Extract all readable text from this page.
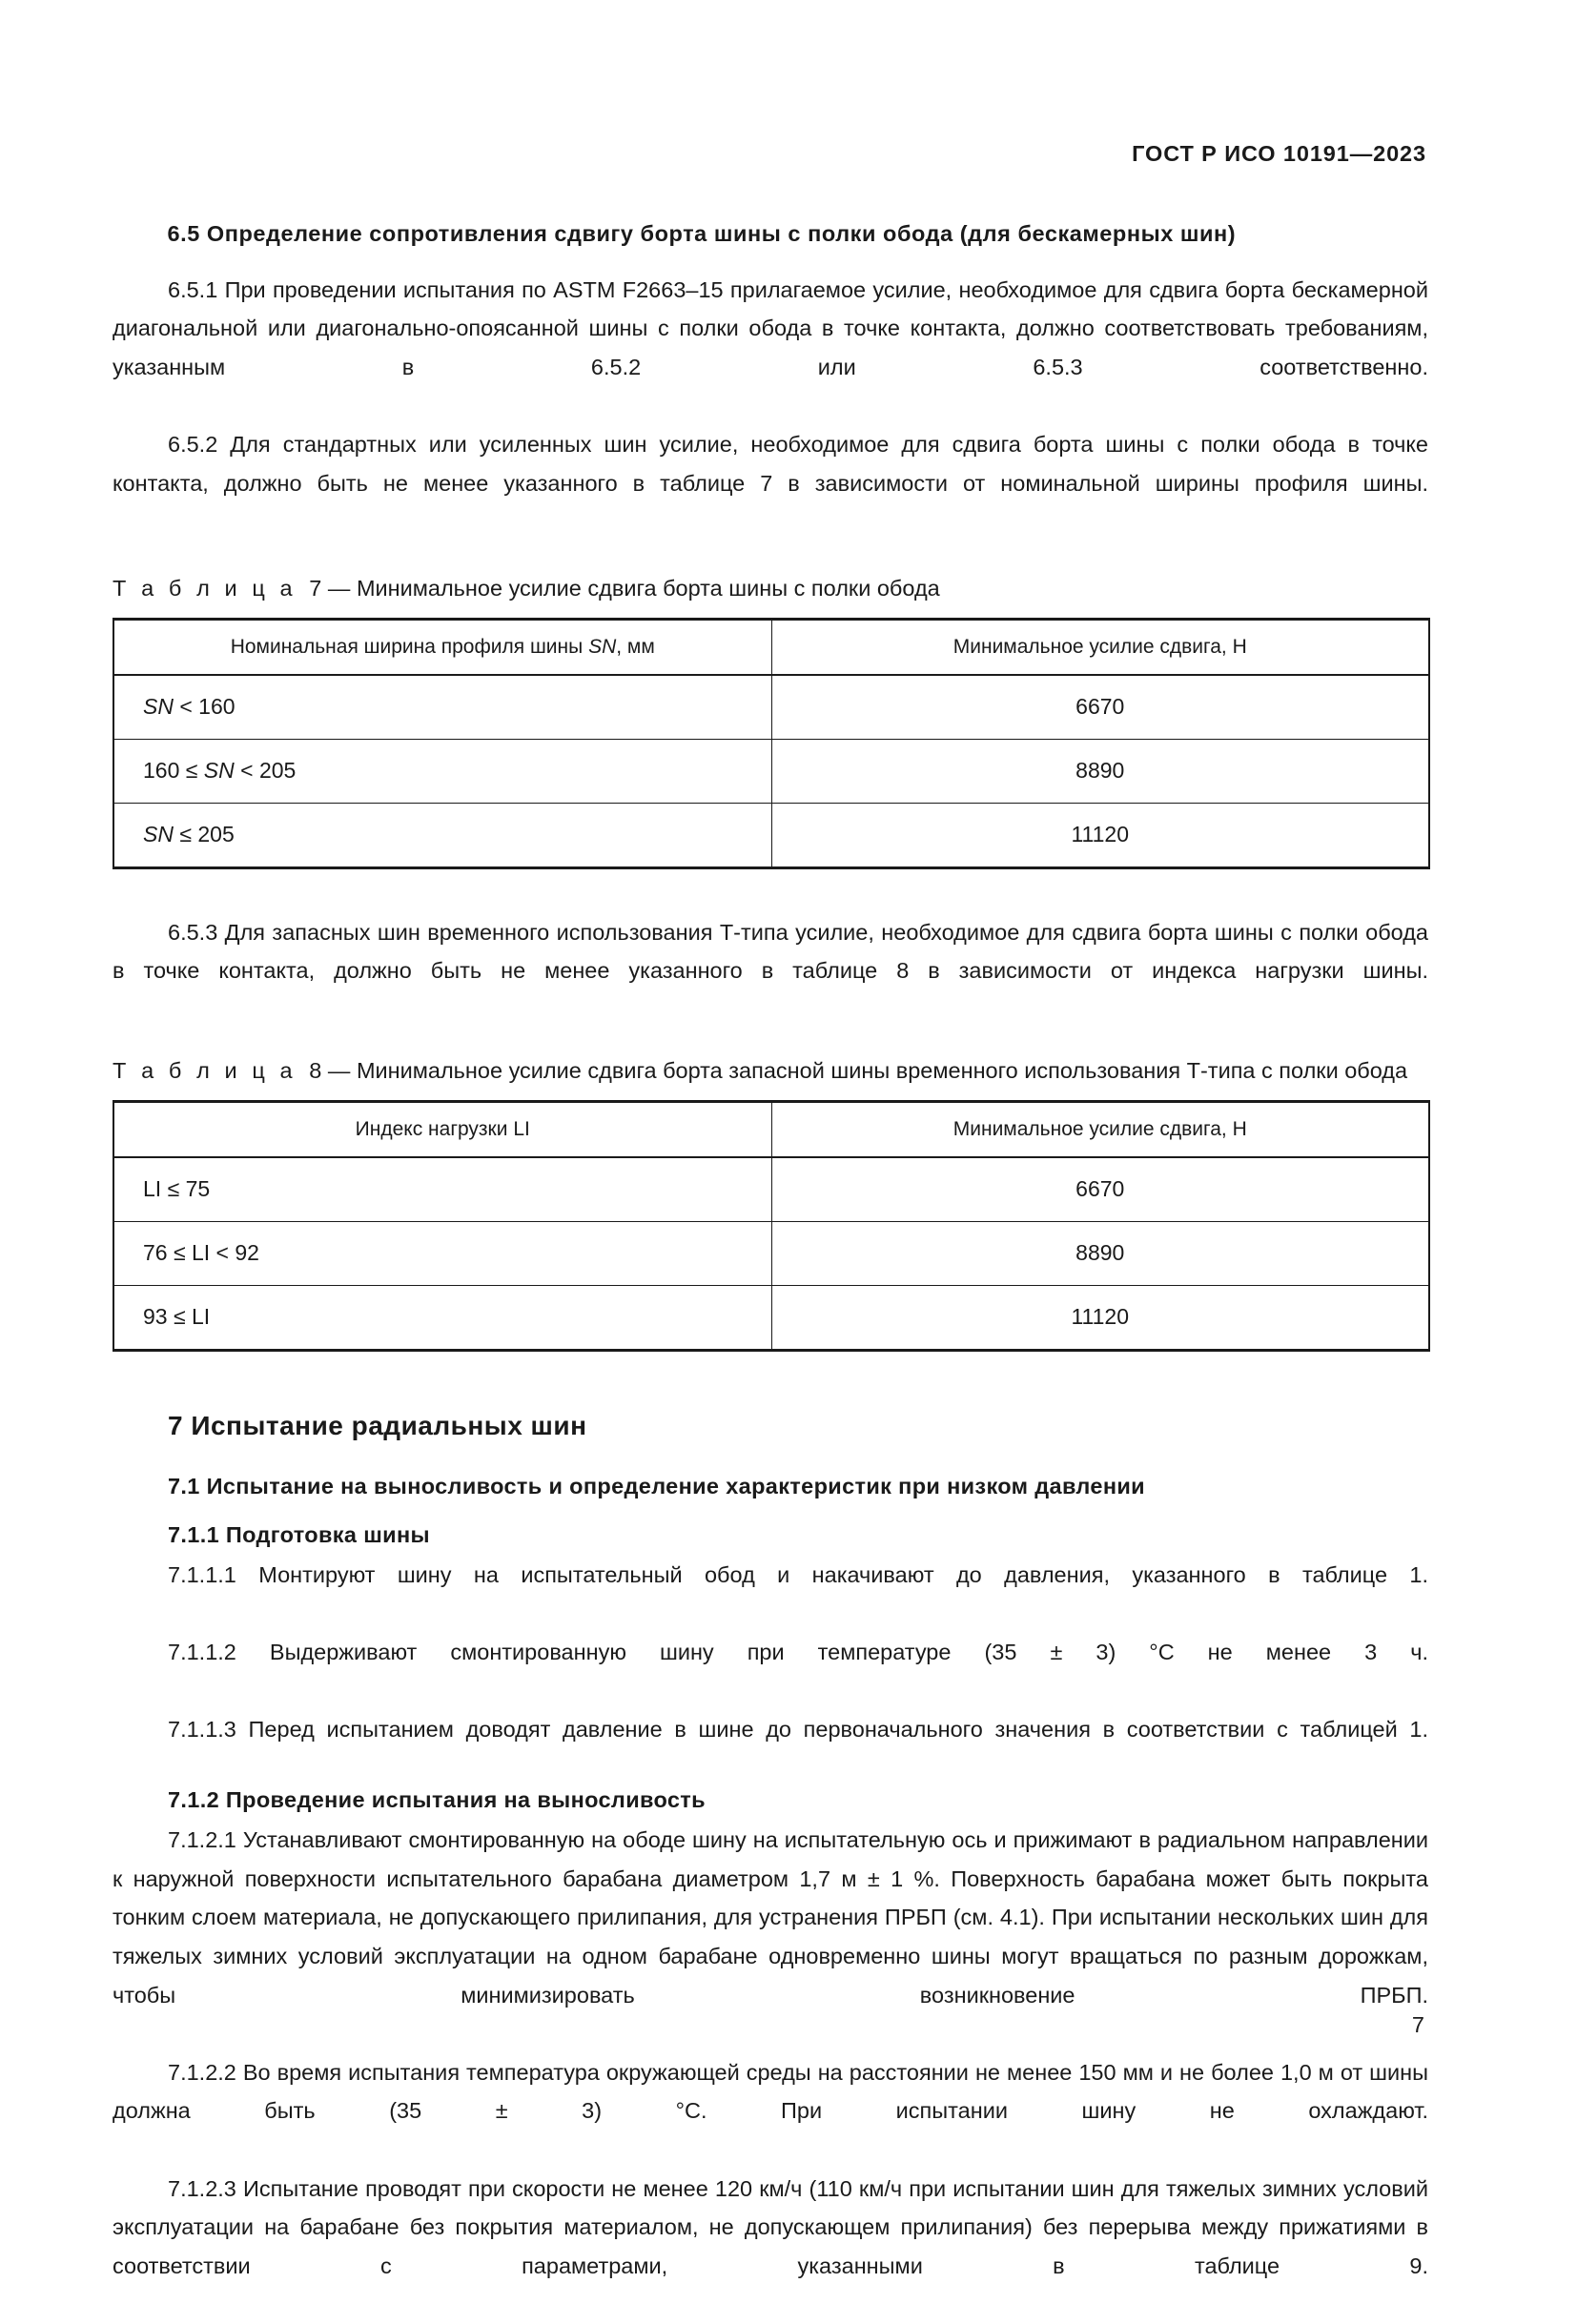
ГОСТ Р ИСО 10191—2023
6.5 Определение сопротивления сдвигу борта шины с полки обода (для бескамерных шин)

6.5.1 При проведении испытания по ASTM F2663–15 прилагаемое усилие, необходимое для сдвига борта бескамерной диагональной или диагонально-опоясанной шины с полки обода в точке контакта, должно соответствовать требованиям, указанным в 6.5.2 или 6.5.3 соответственно.

6.5.2 Для стандартных или усиленных шин усилие, необходимое для сдвига борта шины с полки обода в точке контакта, должно быть не менее указанного в таблице 7 в зависимости от номинальной ширины профиля шины.

Т а б л и ц а 7 — Минимальное усилие сдвига борта шины с полки обода

Номинальная ширина профиля шины SN, мм	Минимальное усилие сдвига, Н
SN < 160	6670
160 ≤ SN < 205	8890
SN ≤ 205	11120

6.5.3 Для запасных шин временного использования Т-типа усилие, необходимое для сдвига борта шины с полки обода в точке контакта, должно быть не менее указанного в таблице 8 в зависимости от индекса нагрузки шины.

Т а б л и ц а 8 — Минимальное усилие сдвига борта запасной шины временного использования Т-типа с полки обода

Индекс нагрузки LI	Минимальное усилие сдвига, Н
LI ≤ 75	6670
76 ≤ LI < 92	8890
93 ≤ LI	11120
7 Испытание радиальных шин
7.1 Испытание на выносливость и определение характеристик при низком давлении
7.1.1 Подготовка шины

7.1.1.1 Монтируют шину на испытательный обод и накачивают до давления, указанного в таблице 1.

7.1.1.2 Выдерживают смонтированную шину при температуре (35 ± 3) °C не менее 3 ч.

7.1.1.3 Перед испытанием доводят давление в шине до первоначального значения в соответствии с таблицей 1.

7.1.2 Проведение испытания на выносливость

7.1.2.1 Устанавливают смонтированную на ободе шину на испытательную ось и прижимают в радиальном направлении к наружной поверхности испытательного барабана диаметром 1,7 м ± 1 %. Поверхность барабана может быть покрыта тонким слоем материала, не допускающего прилипания, для устранения ПРБП (см. 4.1). При испытании нескольких шин для тяжелых зимних условий эксплуатации на одном барабане одновременно шины могут вращаться по разным дорожкам, чтобы минимизировать возникновение ПРБП.

7.1.2.2 Во время испытания температура окружающей среды на расстоянии не менее 150 мм и не более 1,0 м от шины должна быть (35 ± 3) °C. При испытании шину не охлаждают.

7.1.2.3 Испытание проводят при скорости не менее 120 км/ч (110 км/ч при испытании шин для тяжелых зимних условий эксплуатации на барабане без покрытия материалом, не допускающем прилипания) без перерыва между прижатиями в соответствии с параметрами, указанными в таблице 9.

7
